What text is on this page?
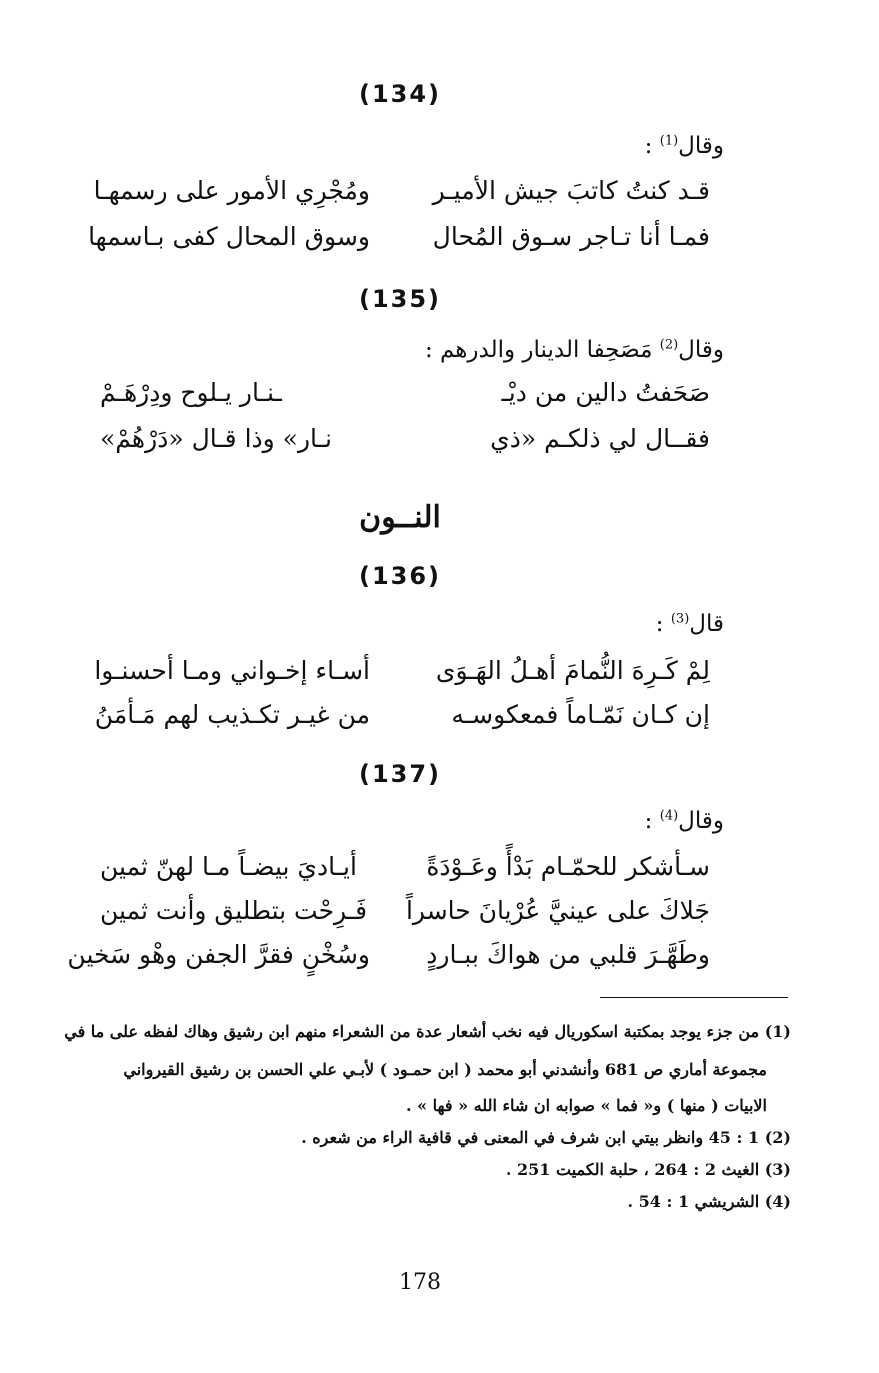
(134)
وقال$^{(1)}$ :
قـد كنتُ كاتبَ جيش الأميـر
ومُجْرِي الأمور على رسمهـا
فمـا أنا تـاجر سـوق المُحال
وسوق المحال كفى بـاسمها
(135)
وقال$^{(2)}$ مَصَحِفا الدينار والدرهم :
صَحَفتُ دالين من ديْـ
ـنـار يـلوح ودِرْهَـمْ
فقــال لي ذلكـم «ذي
نـار» وذا قـال «دَرْهُمْ»
النــون
(136)
قال$^{(3)}$ :
لِمْ كَـرِهَ النُّمامَ أهـلُ الهَـوَى
أسـاء إخـواني ومـا أحسنـوا
إن كـان نَمّـاماً فمعكوسـه
من غيـر تكـذيب لهم مَـأمَنُ
(137)
وقال$^{(4)}$ :
سـأشكر للحمّـام بَدْأً وعَـوْدَةً
أيـاديَ بيضـاً مـا لهنّ ثمين
جَلاكَ على عينيَّ عُرْيانَ حاسراً
فَـرِحْت بتطليق وأنت ثمين
وطَهَّـرَ قلبي من هواكَ ببـاردٍ
وسُخْنٍ فقرَّ الجفن وهْو سَخين
(1) من جزء يوجد بمكتبة اسكوريال فيه نخب أشعار عدة من الشعراء منهم ابن رشيق وهاك لفظه على ما في
مجموعة أماري ص 681 وأنشدني أبو محمد ( ابن حمـود ) لأبـي علي الحسن بن رشيق القيرواني
الابيات ( منها ) و« فما » صوابه ان شاء الله « فها » .
(2) 1 : 45 وانظر بيتي ابن شرف في المعنى في قافية الراء من شعره .
(3) الغيث 2 : 264 ، حلبة الكميت 251 .
(4) الشريشي 1 : 54 .
178
